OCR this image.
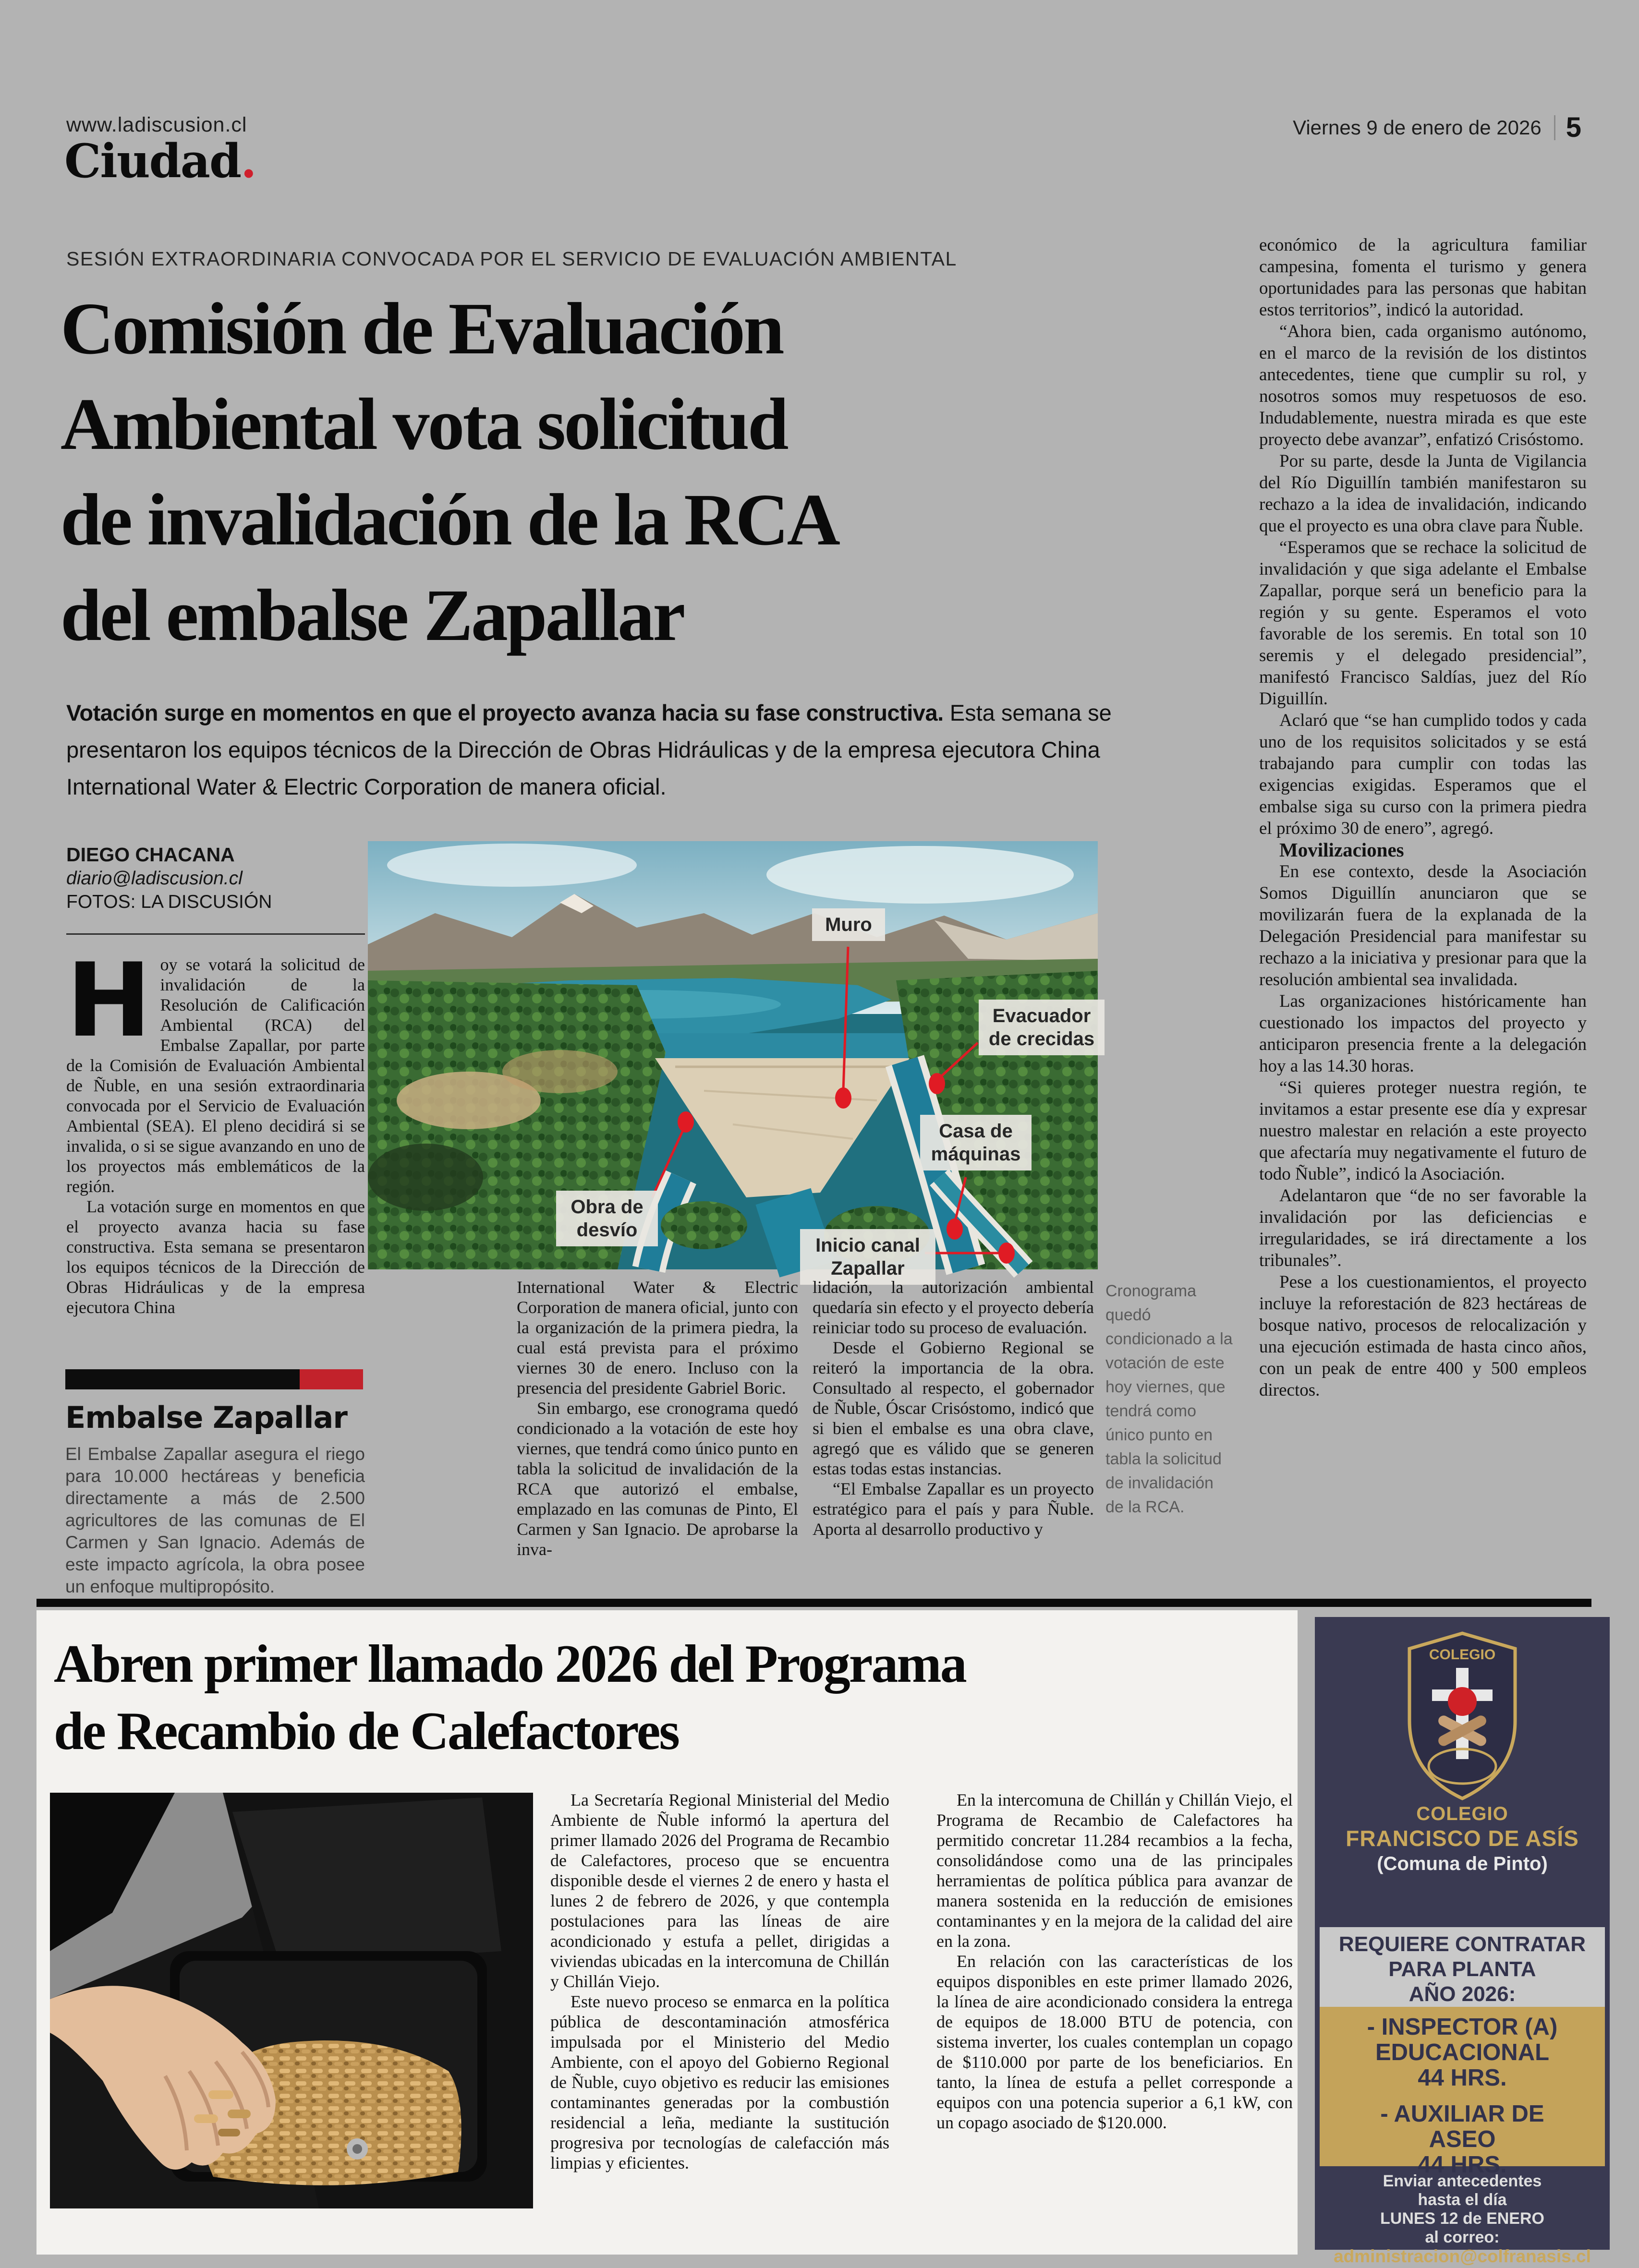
www.ladiscusion.cl	Viernes 9 de enero de 2026 5
Ciudad.
SESIÓN EXTRAORDINARIA CONVOCADA POR EL SERVICIO DE EVALUACIÓN AMBIENTAL
Comisión de Evaluación
Ambiental vota solicitud
de invalidación de la RCA
del embalse Zapallar
Votación surge en momentos en que el proyecto avanza hacia su fase constructiva. Esta semana se presentaron los equipos técnicos de la Dirección de Obras Hidráulicas y de la empresa ejecutora China International Water & Electric Corporation de manera oficial.
DIEGO CHACANA
diario@ladiscusion.cl
FOTOS: LA DISCUSIÓN

Hoy se votará la solicitud de invalidación de la Resolución de Calificación Ambiental (RCA) del Embalse Zapallar, por parte de la Comisión de Evaluación Ambiental de Ñuble, en una sesión extraordinaria convocada por el Servicio de Evaluación Ambiental (SEA). El pleno decidirá si se invalida, o si se sigue avanzando en uno de los proyectos más emblemáticos de la región.

La votación surge en momentos en que el proyecto avanza hacia su fase constructiva. Esta semana se presentaron los equipos técnicos de la Dirección de Obras Hidráulicas y de la empresa ejecutora China

Muro
Evacuador de crecidas
Casa de máquinas
Obra de desvío
Inicio canal Zapallar
Cronograma quedó condicionado a la votación de este hoy viernes, que tendrá como único punto en tabla la solicitud de invalidación de la RCA.

International Water & Electric Corporation de manera oficial, junto con la organización de la primera piedra, la cual está prevista para el próximo viernes 30 de enero. Incluso con la presencia del presidente Gabriel Boric.

Sin embargo, ese cronograma quedó condicionado a la votación de este hoy viernes, que tendrá como único punto en tabla la solicitud de invalidación de la RCA que autorizó el embalse, emplazado en las comunas de Pinto, El Carmen y San Ignacio. De aprobarse la inva-

lidación, la autorización ambiental quedaría sin efecto y el proyecto debería reiniciar todo su proceso de evaluación.

Desde el Gobierno Regional se reiteró la importancia de la obra. Consultado al respecto, el gobernador de Ñuble, Óscar Crisóstomo, indicó que si bien el embalse es una obra clave, agregó que es válido que se generen estas todas estas instancias.

“El Embalse Zapallar es un proyecto estratégico para el país y para Ñuble. Aporta al desarrollo productivo y

económico de la agricultura familiar campesina, fomenta el turismo y genera oportunidades para las personas que habitan estos territorios”, indicó la autoridad.

“Ahora bien, cada organismo autónomo, en el marco de la revisión de los distintos antecedentes, tiene que cumplir su rol, y nosotros somos muy respetuosos de eso. Indudablemente, nuestra mirada es que este proyecto debe avanzar”, enfatizó Crisóstomo.

Por su parte, desde la Junta de Vigilancia del Río Diguillín también manifestaron su rechazo a la idea de invalidación, indicando que el proyecto es una obra clave para Ñuble.

“Esperamos que se rechace la solicitud de invalidación y que siga adelante el Embalse Zapallar, porque será un beneficio para la región y su gente. Esperamos el voto favorable de los seremis. En total son 10 seremis y el delegado presidencial”, manifestó Francisco Saldías, juez del Río Diguillín.

Aclaró que “se han cumplido todos y cada uno de los requisitos solicitados y se está trabajando para cumplir con todas las exigencias exigidas. Esperamos que el embalse siga su curso con la primera piedra el próximo 30 de enero”, agregó.

Movilizaciones

En ese contexto, desde la Asociación Somos Diguillín anunciaron que se movilizarán fuera de la explanada de la Delegación Presidencial para manifestar su rechazo a la iniciativa y presionar para que la resolución ambiental sea invalidada.

Las organizaciones históricamente han cuestionado los impactos del proyecto y anticiparon presencia frente a la delegación hoy a las 14.30 horas.

“Si quieres proteger nuestra región, te invitamos a estar presente ese día y expresar nuestro malestar en relación a este proyecto que afectaría muy negativamente el futuro de todo Ñuble”, indicó la Asociación.

Adelantaron que “de no ser favorable la invalidación por las deficiencias e irregularidades, se irá directamente a los tribunales”.

Pese a los cuestionamientos, el proyecto incluye la reforestación de 823 hectáreas de bosque nativo, procesos de relocalización y una ejecución estimada de hasta cinco años, con un peak de entre 400 y 500 empleos directos.

Embalse Zapallar
El Embalse Zapallar asegura el riego para 10.000 hectáreas y beneficia directamente a más de 2.500 agricultores de las comunas de El Carmen y San Ignacio. Además de este impacto agrícola, la obra posee un enfoque multipropósito.
Abren primer llamado 2026 del Programa
de Recambio de Calefactores

La Secretaría Regional Ministerial del Medio Ambiente de Ñuble informó la apertura del primer llamado 2026 del Programa de Recambio de Calefactores, proceso que se encuentra disponible desde el viernes 2 de enero y hasta el lunes 2 de febrero de 2026, y que contempla postulaciones para las líneas de aire acondicionado y estufa a pellet, dirigidas a viviendas ubicadas en la intercomuna de Chillán y Chillán Viejo.

Este nuevo proceso se enmarca en la política pública de descontaminación atmosférica impulsada por el Ministerio del Medio Ambiente, con el apoyo del Gobierno Regional de Ñuble, cuyo objetivo es reducir las emisiones contaminantes generadas por la combustión residencial a leña, mediante la sustitución progresiva por tecnologías de calefacción más limpias y eficientes.

En la intercomuna de Chillán y Chillán Viejo, el Programa de Recambio de Calefactores ha permitido concretar 11.284 recambios a la fecha, consolidándose como una de las principales herramientas de política pública para avanzar de manera sostenida en la reducción de emisiones contaminantes y en la mejora de la calidad del aire en la zona.

En relación con las características de los equipos disponibles en este primer llamado 2026, la línea de aire acondicionado considera la entrega de equipos de 18.000 BTU de potencia, con sistema inverter, los cuales contemplan un copago de $110.000 por parte de los beneficiarios. En tanto, la línea de estufa a pellet corresponde a equipos con una potencia superior a 6,1 kW, con un copago asociado de $120.000.

COLEGIO
COLEGIO
FRANCISCO DE ASÍS
(Comuna de Pinto)
REQUIERE CONTRATAR
PARA PLANTA
AÑO 2026:
- INSPECTOR (A)
EDUCACIONAL
44 HRS.
- AUXILIAR DE
ASEO
44 HRS.
Enviar antecedentes
hasta el día
LUNES 12 de ENERO
al correo:
administracion@colfranasis.cl
